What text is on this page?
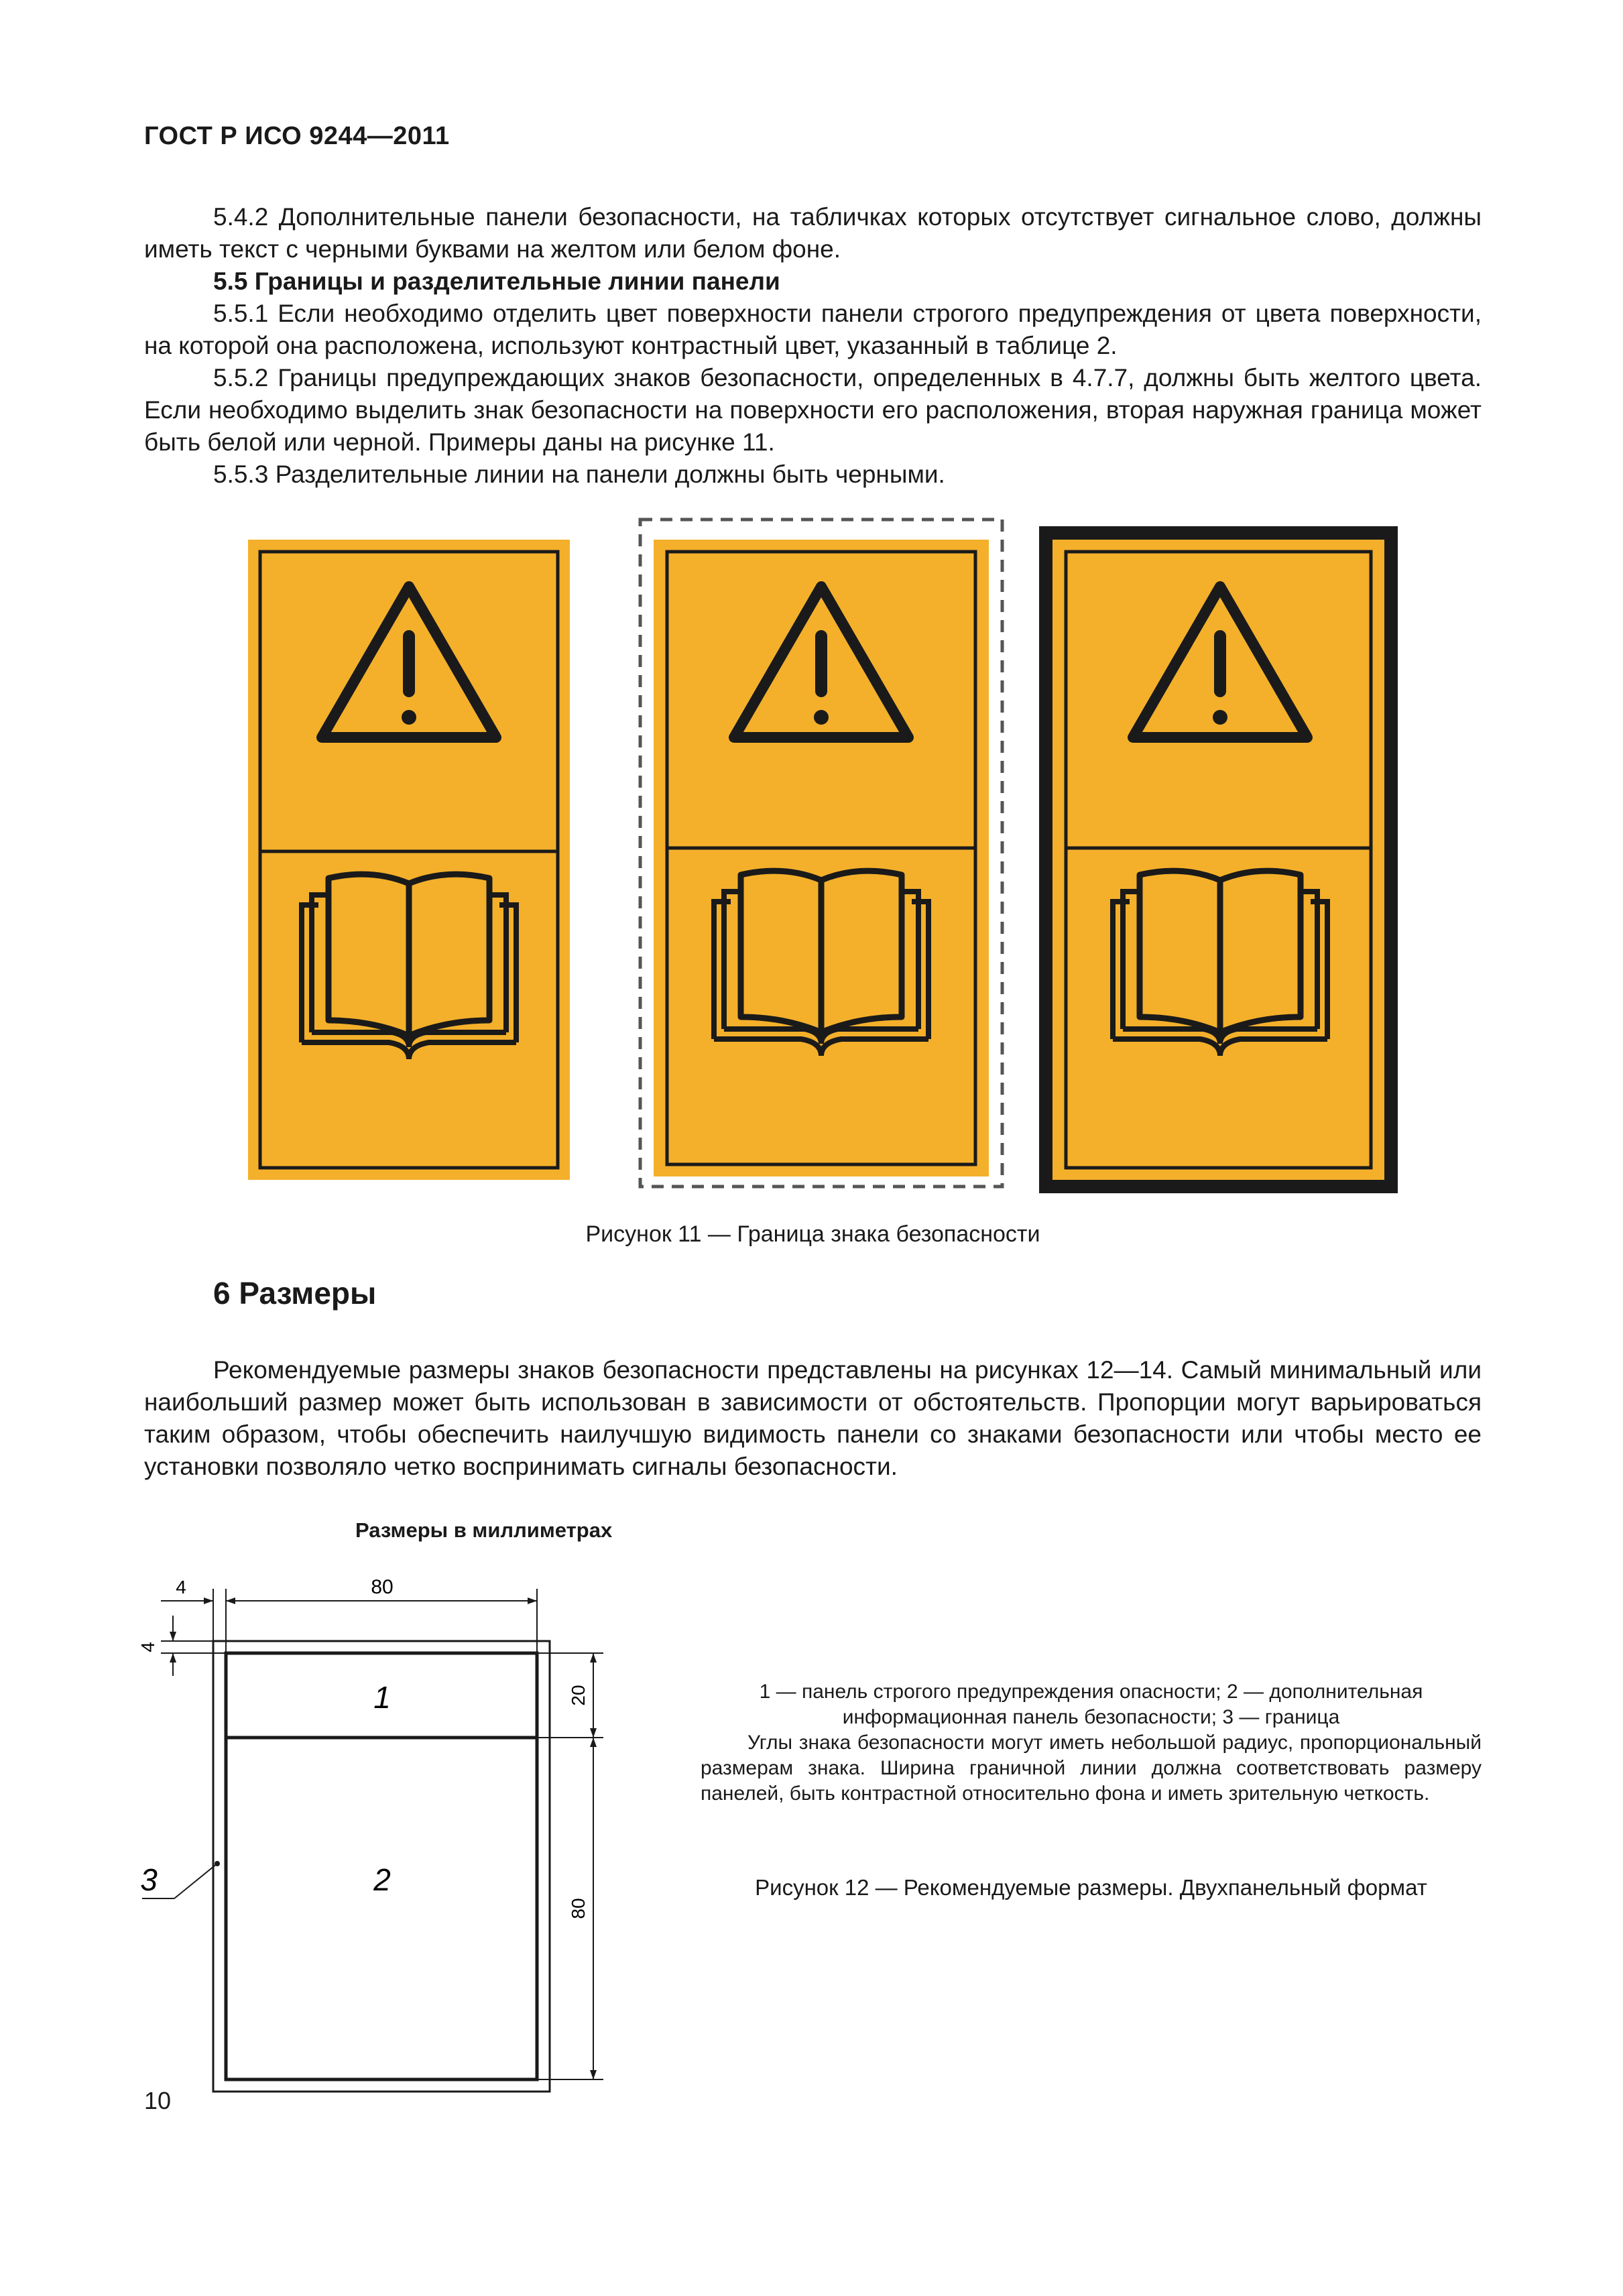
ГОСТ Р ИСО 9244—2011

5.4.2 Дополнительные панели безопасности, на табличках которых отсутствует сигнальное слово, должны иметь текст с черными буквами на желтом или белом фоне.

5.5 Границы и разделительные линии панели

5.5.1 Если необходимо отделить цвет поверхности панели строгого предупреждения от цвета поверхности, на которой она расположена, используют контрастный цвет, указанный в таблице 2.

5.5.2 Границы предупреждающих знаков безопасности, определенных в 4.7.7, должны быть желтого цвета. Если необходимо выделить знак безопасности на поверхности его расположения, вторая наружная граница может быть белой или черной. Примеры даны на рисунке 11.

5.5.3 Разделительные линии на панели должны быть черными.

Рисунок 11 — Граница знака безопасности
6 Размеры

Рекомендуемые размеры знаков безопасности представлены на рисунках 12—14. Самый минимальный или наибольший размер может быть использован в зависимости от обстоятельств. Пропорции могут варьироваться таким образом, чтобы обеспечить наилучшую видимость панели со знаками безопасности или чтобы место ее установки позволяло четко воспринимать сигналы безопасности.

Размеры в миллиметрах
4	80
4
20
80
1
2
3

1 — панель строгого предупреждения опасности; 2 — дополнительная информационная панель безопасности; 3 — граница

Углы знака безопасности могут иметь небольшой радиус, пропорциональный размерам знака. Ширина граничной линии должна соответствовать размеру панелей, быть контрастной относительно фона и иметь зрительную четкость.

Рисунок 12 — Рекомендуемые размеры. Двухпанельный формат
10
